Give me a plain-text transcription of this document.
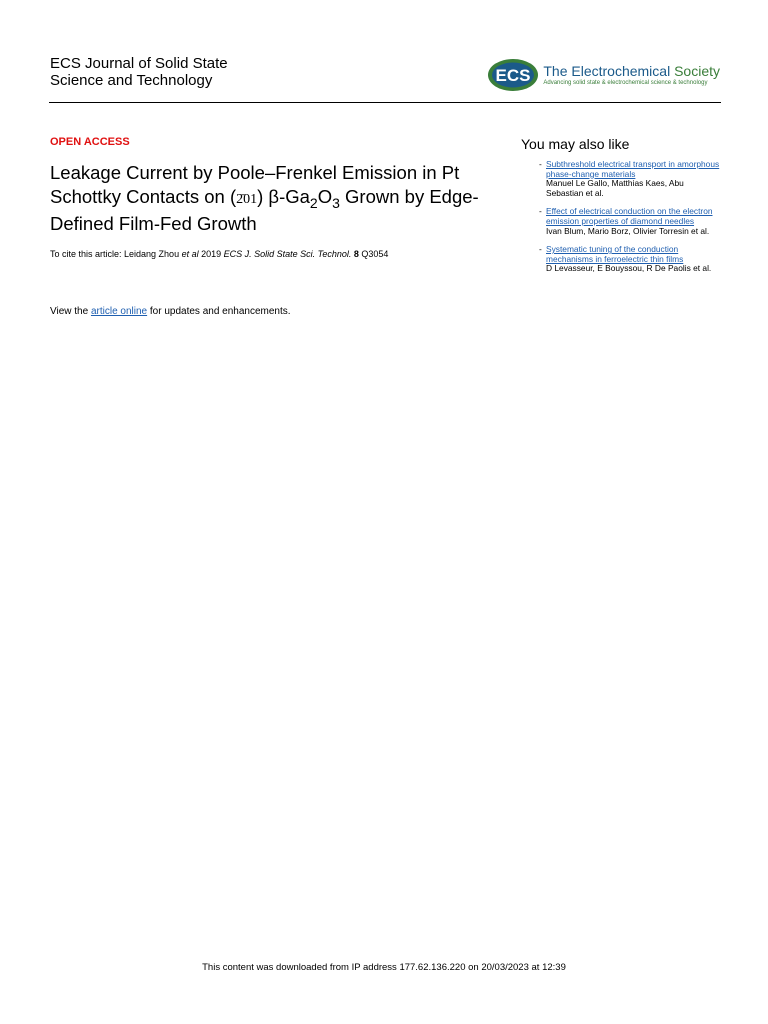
ECS Journal of Solid State
Science and Technology	ECS The Electrochemical Society
Advancing solid state & electrochemical science & technology
OPEN ACCESS
Leakage Current by Poole–Frenkel Emission in Pt Schottky Contacts on (2̄01) $\beta-Ga_2O_3$ Grown by Edge-Defined Film-Fed Growth
To cite this article: Leidang Zhou et al 2019 ECS J. Solid State Sci. Technol. 8 Q3054
View the article online for updates and enhancements.
You may also like
- Subthreshold electrical transport in amorphous phase-change materials
Manuel Le Gallo, Matthias Kaes, Abu Sebastian et al.
- Effect of electrical conduction on the electron emission properties of diamond needles
Ivan Blum, Mario Borz, Olivier Torresin et al.
- Systematic tuning of the conduction mechanisms in ferroelectric thin films
D Levasseur, E Bouyssou, R De Paolis et al.
This content was downloaded from IP address 177.62.136.220 on 20/03/2023 at 12:39
